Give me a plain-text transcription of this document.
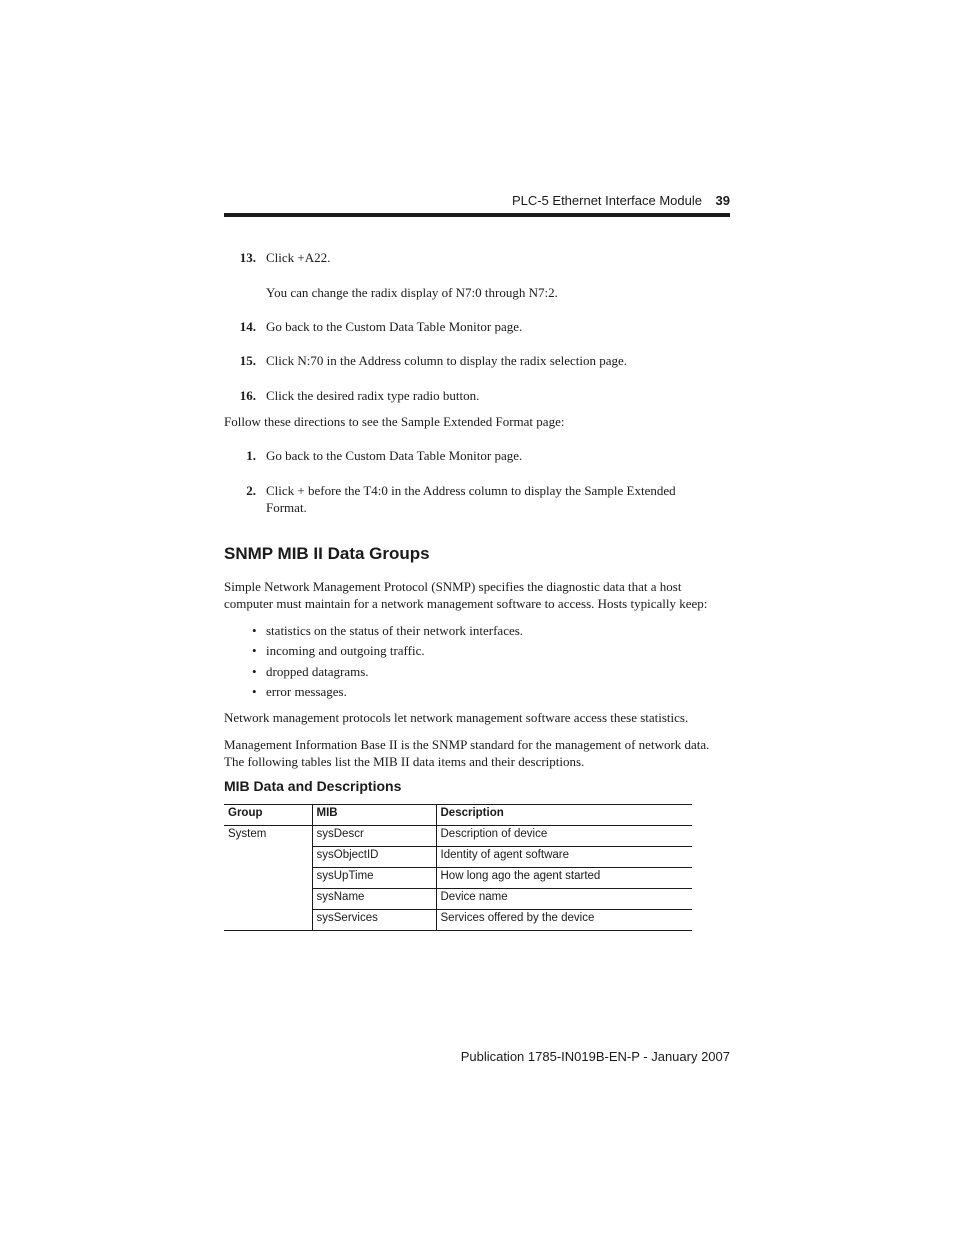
PLC-5 Ethernet Interface Module 39
13. Click +A22.
You can change the radix display of N7:0 through N7:2.
14. Go back to the Custom Data Table Monitor page.
15. Click N:70 in the Address column to display the radix selection page.
16. Click the desired radix type radio button.
Follow these directions to see the Sample Extended Format page:
1. Go back to the Custom Data Table Monitor page.
2. Click + before the T4:0 in the Address column to display the Sample Extended Format.
SNMP MIB II Data Groups
Simple Network Management Protocol (SNMP) specifies the diagnostic data that a host computer must maintain for a network management software to access. Hosts typically keep:
• statistics on the status of their network interfaces.
• incoming and outgoing traffic.
• dropped datagrams.
• error messages.
Network management protocols let network management software access these statistics.
Management Information Base II is the SNMP standard for the management of network data. The following tables list the MIB II data items and their descriptions.
MIB Data and Descriptions
Group	MIB	Description
System	sysDescr	Description of device
	sysObjectID	Identity of agent software
	sysUpTime	How long ago the agent started
	sysName	Device name
	sysServices	Services offered by the device
Publication 1785-IN019B-EN-P - January 2007
